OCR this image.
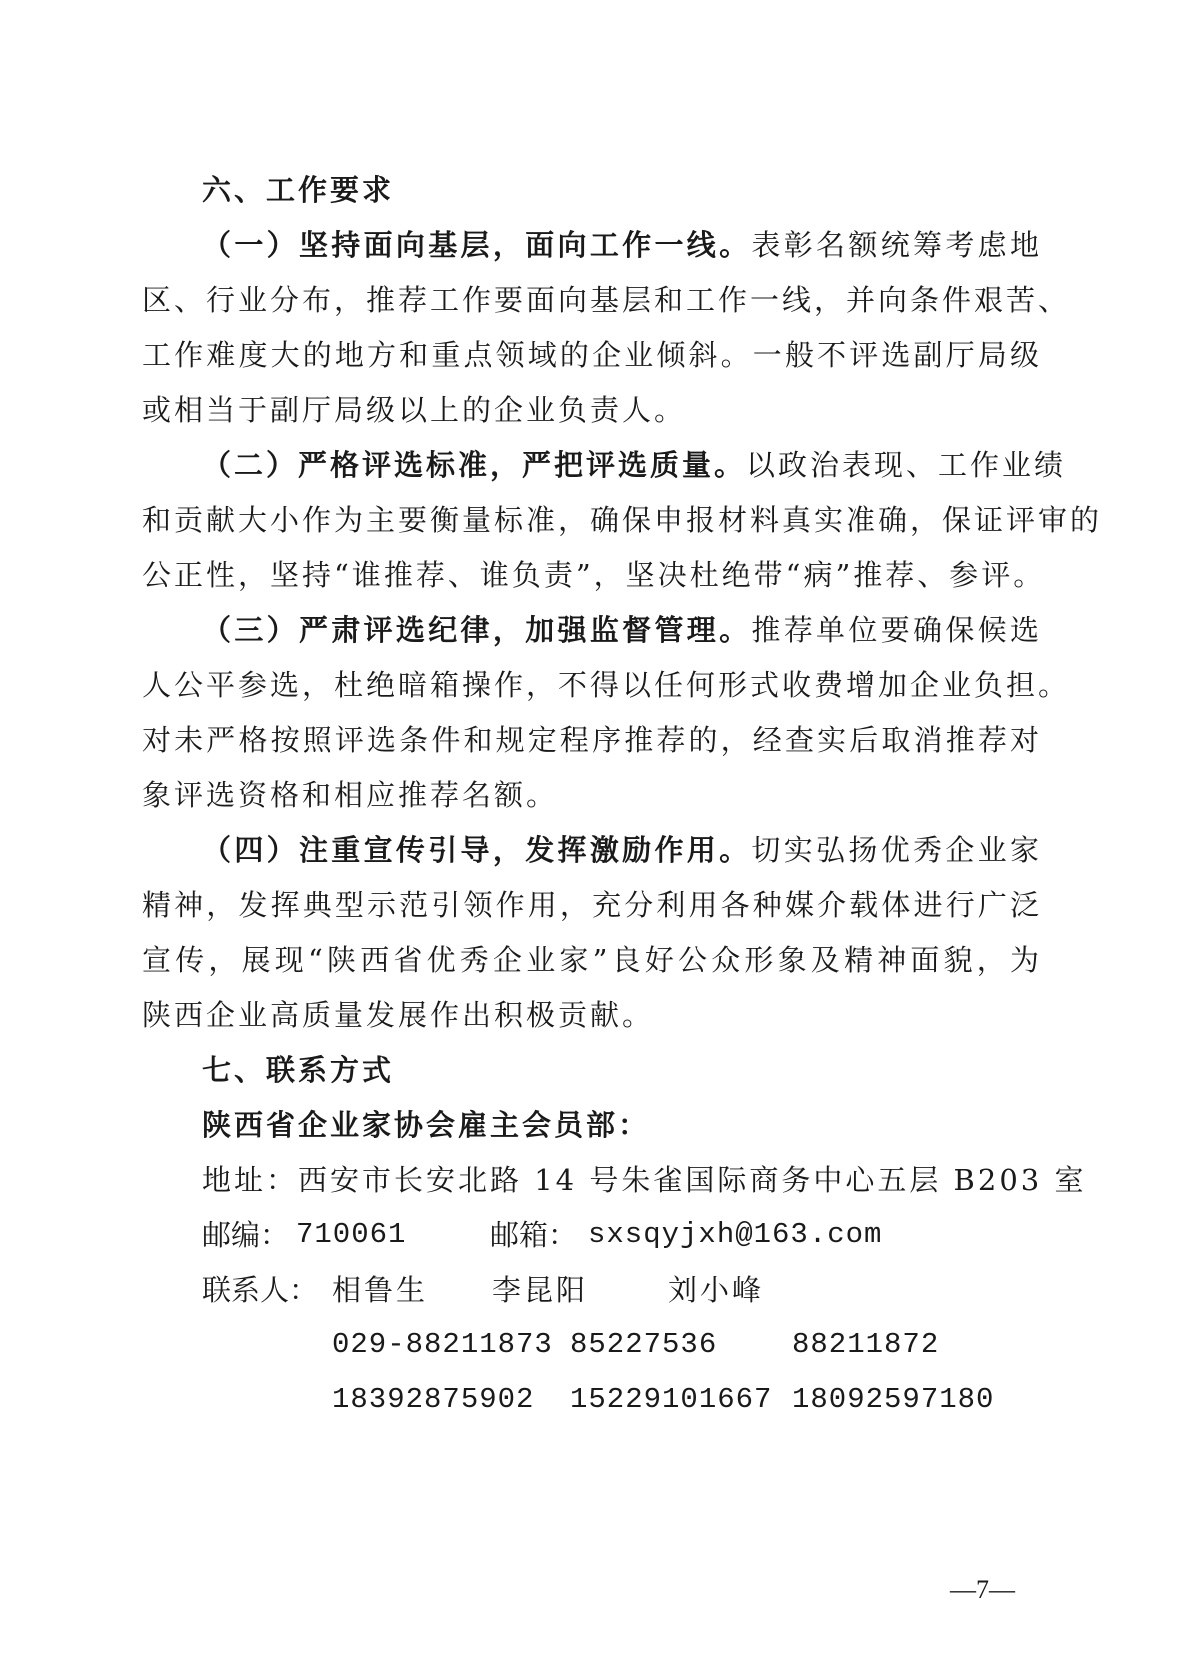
六、工作要求
（一）坚持面向基层，面向工作一线。表彰名额统筹考虑地
区、行业分布，推荐工作要面向基层和工作一线，并向条件艰苦、
工作难度大的地方和重点领域的企业倾斜。一般不评选副厅局级
或相当于副厅局级以上的企业负责人。
（二）严格评选标准，严把评选质量。以政治表现、工作业绩
和贡献大小作为主要衡量标准，确保申报材料真实准确，保证评审的
公正性，坚持“谁推荐、谁负责”，坚决杜绝带“病”推荐、参评。
（三）严肃评选纪律，加强监督管理。推荐单位要确保候选
人公平参选，杜绝暗箱操作，不得以任何形式收费增加企业负担。
对未严格按照评选条件和规定程序推荐的，经查实后取消推荐对
象评选资格和相应推荐名额。
（四）注重宣传引导，发挥激励作用。切实弘扬优秀企业家
精神，发挥典型示范引领作用，充分利用各种媒介载体进行广泛
宣传，展现“陕西省优秀企业家”良好公众形象及精神面貌，为
陕西企业高质量发展作出积极贡献。
七、联系方式
陕西省企业家协会雇主会员部：
地址：西安市长安北路 14 号朱雀国际商务中心五层 B203 室
邮编： 710061	邮箱： sxsqyjxh@163.com
联系人： 相鲁生 李昆阳	刘小峰
029-88211873 85227536	88211872
18392875902 15229101667 18092597180
—7—
